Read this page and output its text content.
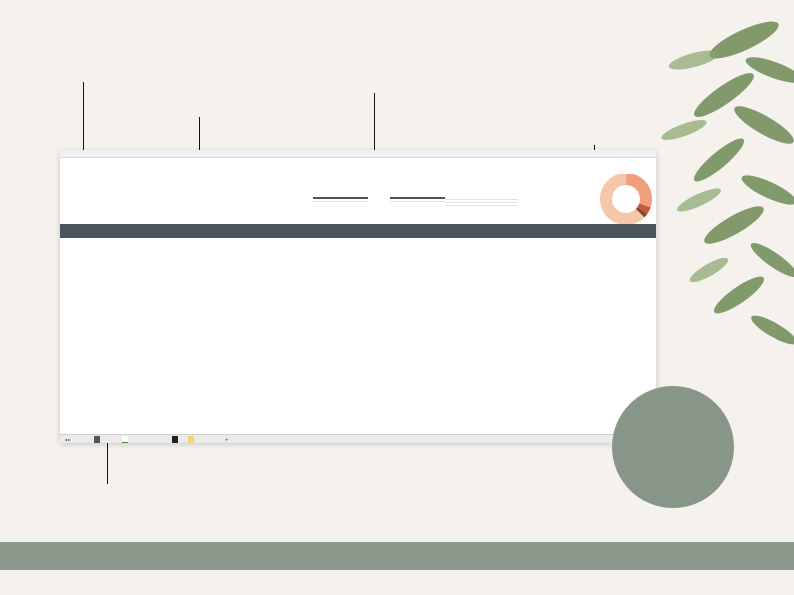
◂ ▸	+
